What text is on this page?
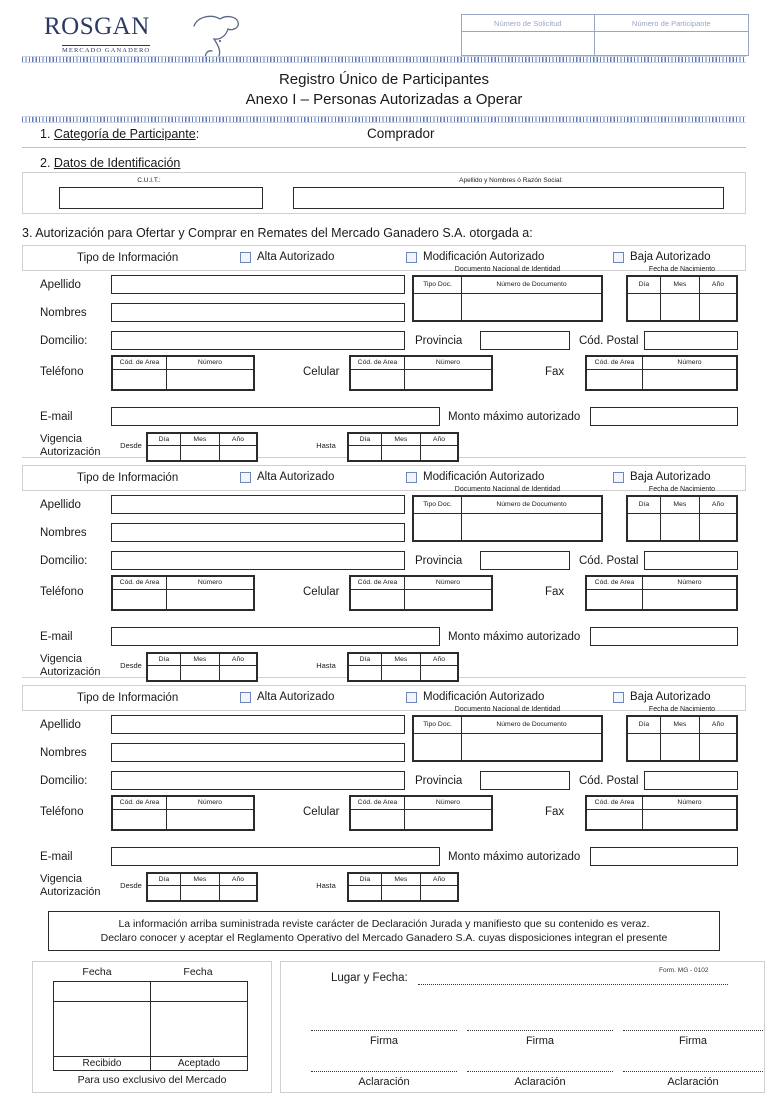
ROSGAN
MERCADO GANADERO
Número de Solicitud	Número de Participante

Registro Único de Participantes
Anexo I – Personas Autorizadas a Operar
1. Categoría de Participante:	Comprador
2. Datos de Identificación
C.U.I.T.:	Apellido y Nombres ó Razón Social:
3. Autorización para Ofertar y Comprar en Remates del Mercado Ganadero S.A. otorgada a:
Tipo de Información	Alta Autorizado	Modificación Autorizado	Baja Autorizado
Apellido
Nombres
Documento Nacional de Identidad
Tipo Doc.	Número de Documento

Fecha de Nacimiento
Día	Mes	Año

Domcilio:	Provincia	Cód. Postal
Teléfono
Cód. de Area	Número

Celular
Cód. de Area	Número

Fax
Cód. de Area	Número

E-mail	Monto máximo autorizado
Vigencia
Autorización
Desde
Día	Mes	Año

Hasta
Día	Mes	Año

Tipo de Información	Alta Autorizado	Modificación Autorizado	Baja Autorizado
Apellido
Nombres
Documento Nacional de Identidad
Tipo Doc.	Número de Documento

Fecha de Nacimiento
Día	Mes	Año

Domcilio:	Provincia	Cód. Postal
Teléfono
Cód. de Area	Número

Celular
Cód. de Area	Número

Fax
Cód. de Area	Número

E-mail	Monto máximo autorizado
Vigencia
Autorización
Desde
Día	Mes	Año

Hasta
Día	Mes	Año

Tipo de Información	Alta Autorizado	Modificación Autorizado	Baja Autorizado
Apellido
Nombres
Documento Nacional de Identidad
Tipo Doc.	Número de Documento

Fecha de Nacimiento
Día	Mes	Año

Domcilio:	Provincia	Cód. Postal
Teléfono
Cód. de Area	Número

Celular
Cód. de Area	Número

Fax
Cód. de Area	Número

E-mail	Monto máximo autorizado
Vigencia
Autorización
Desde
Día	Mes	Año

Hasta
Día	Mes	Año

La información arriba suministrada reviste carácter de Declaración Jurada y manifiesto que su contenido es veraz.
Declaro conocer y aceptar el Reglamento Operativo del Mercado Ganadero S.A. cuyas disposiciones integran el presente
Fecha	Fecha

Recibido	Aceptado
Para uso exclusivo del Mercado
Lugar y Fecha:
Firma	Firma	Firma
Aclaración	Aclaración	Aclaración
Form. MG - 0102
